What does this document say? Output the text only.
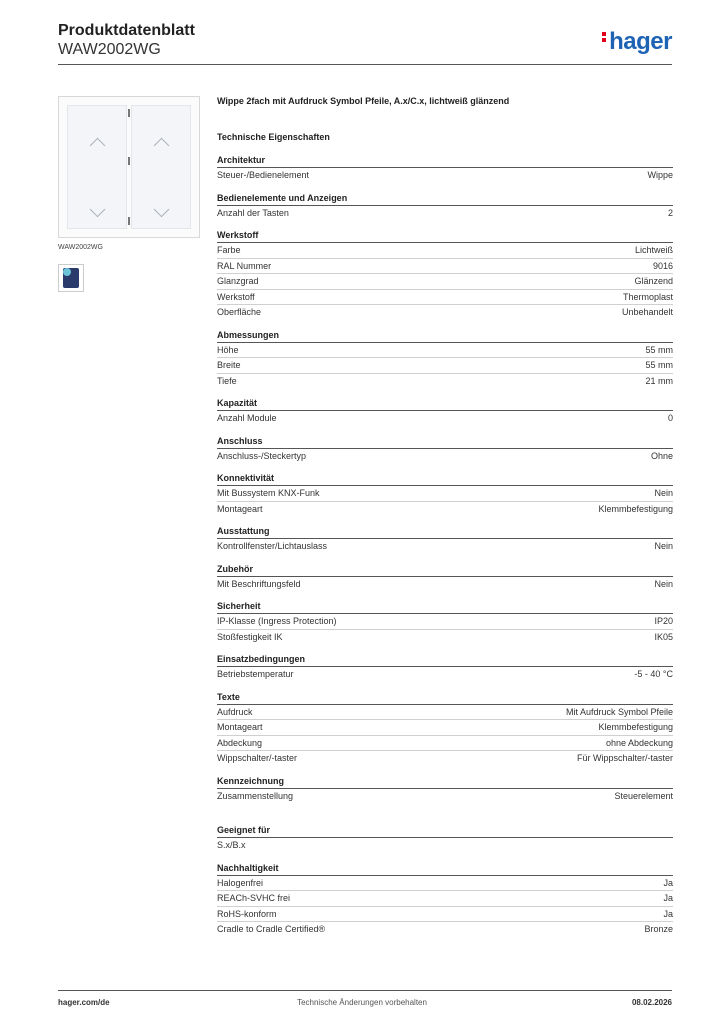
Produktdatenblatt
WAW2002WG	hager
WAW2002WG
Wippe 2fach mit Aufdruck Symbol Pfeile, A.x/C.x, lichtweiß glänzend
Technische Eigenschaften
Architektur
Steuer-/Bedienelement	Wippe
Bedienelemente und Anzeigen
Anzahl der Tasten	2
Werkstoff
Farbe	Lichtweiß
RAL Nummer	9016
Glanzgrad	Glänzend
Werkstoff	Thermoplast
Oberfläche	Unbehandelt
Abmessungen
Höhe	55 mm
Breite	55 mm
Tiefe	21 mm
Kapazität
Anzahl Module	0
Anschluss
Anschluss-/Steckertyp	Ohne
Konnektivität
Mit Bussystem KNX-Funk	Nein
Montageart	Klemmbefestigung
Ausstattung
Kontrollfenster/Lichtauslass	Nein
Zubehör
Mit Beschriftungsfeld	Nein
Sicherheit
IP-Klasse (Ingress Protection)	IP20
Stoßfestigkeit IK	IK05
Einsatzbedingungen
Betriebstemperatur	-5 - 40 °C
Texte
Aufdruck	Mit Aufdruck Symbol Pfeile
Montageart	Klemmbefestigung
Abdeckung	ohne Abdeckung
Wippschalter/-taster	Für Wippschalter/-taster
Kennzeichnung
Zusammenstellung	Steuerelement
Geeignet für
S.x/B.x
Nachhaltigkeit
Halogenfrei	Ja
REACh-SVHC frei	Ja
RoHS-konform	Ja
Cradle to Cradle Certified®	Bronze
hager.com/de	Technische Änderungen vorbehalten	08.02.2026
